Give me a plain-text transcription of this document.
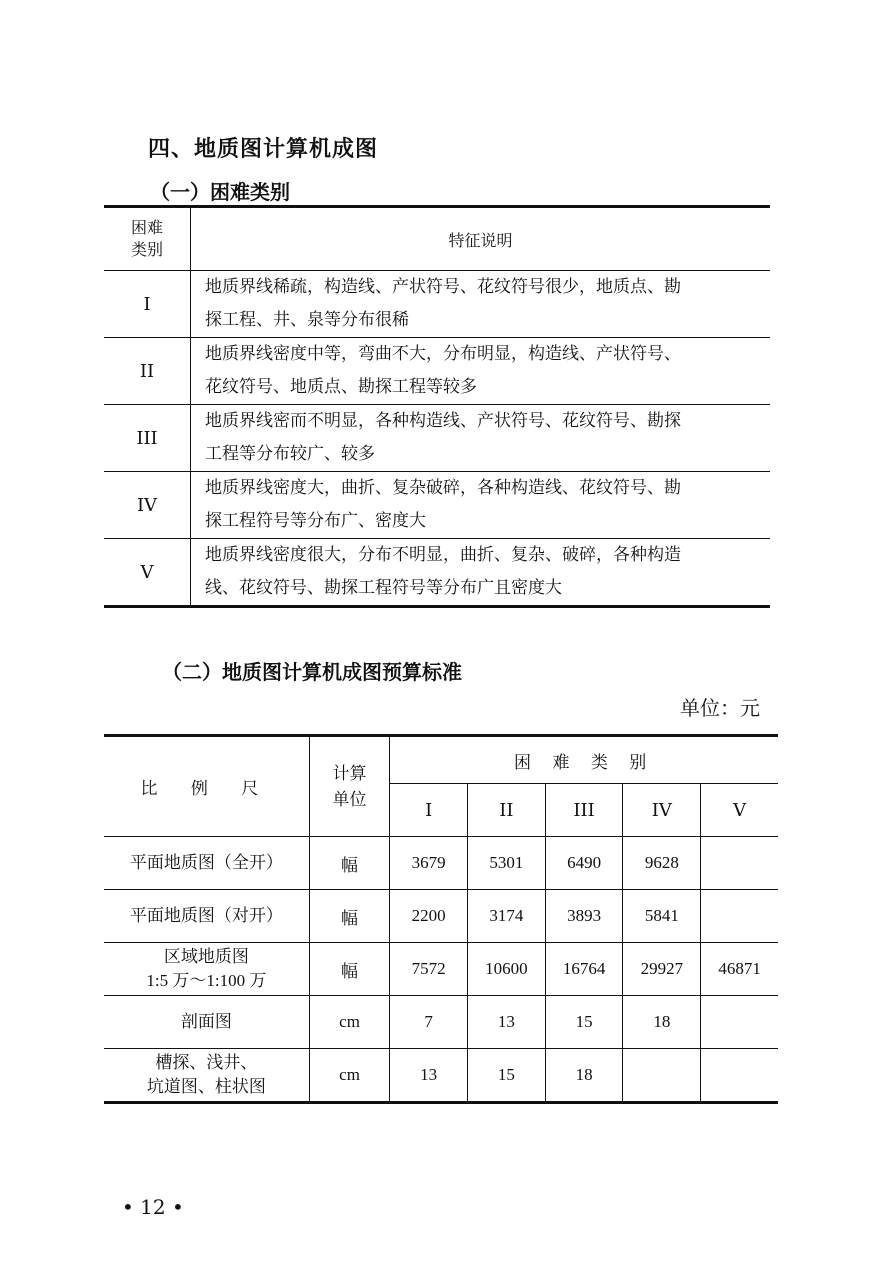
四、地质图计算机成图
（一）困难类别
困难
类别	特征说明
I	地质界线稀疏，构造线、产状符号、花纹符号很少，地质点、勘
探工程、井、泉等分布很稀

II	地质界线密度中等，弯曲不大，分布明显，构造线、产状符号、
花纹符号、地质点、勘探工程等较多

III	地质界线密而不明显，各种构造线、产状符号、花纹符号、勘探
工程等分布较广、较多

IV	地质界线密度大，曲折、复杂破碎，各种构造线、花纹符号、勘
探工程符号等分布广、密度大

V	地质界线密度很大，分布不明显，曲折、复杂、破碎，各种构造
线、花纹符号、勘探工程符号等分布广且密度大
（二）地质图计算机成图预算标准
单位：元
比 例 尺	计算
单位	困 难 类 别				
		I	II	III	IV	V

平面地质图（全开）	幅	3679	5301	6490	9628	

平面地质图（对开）	幅	2200	3174	3893	5841	

区域地质图
1:5 万～1:100 万	幅	7572	10600	16764	29927	46871

剖面图	cm	7	13	15	18	

槽探、浅井、
坑道图、柱状图	cm	13	15	18		
• 12 •
